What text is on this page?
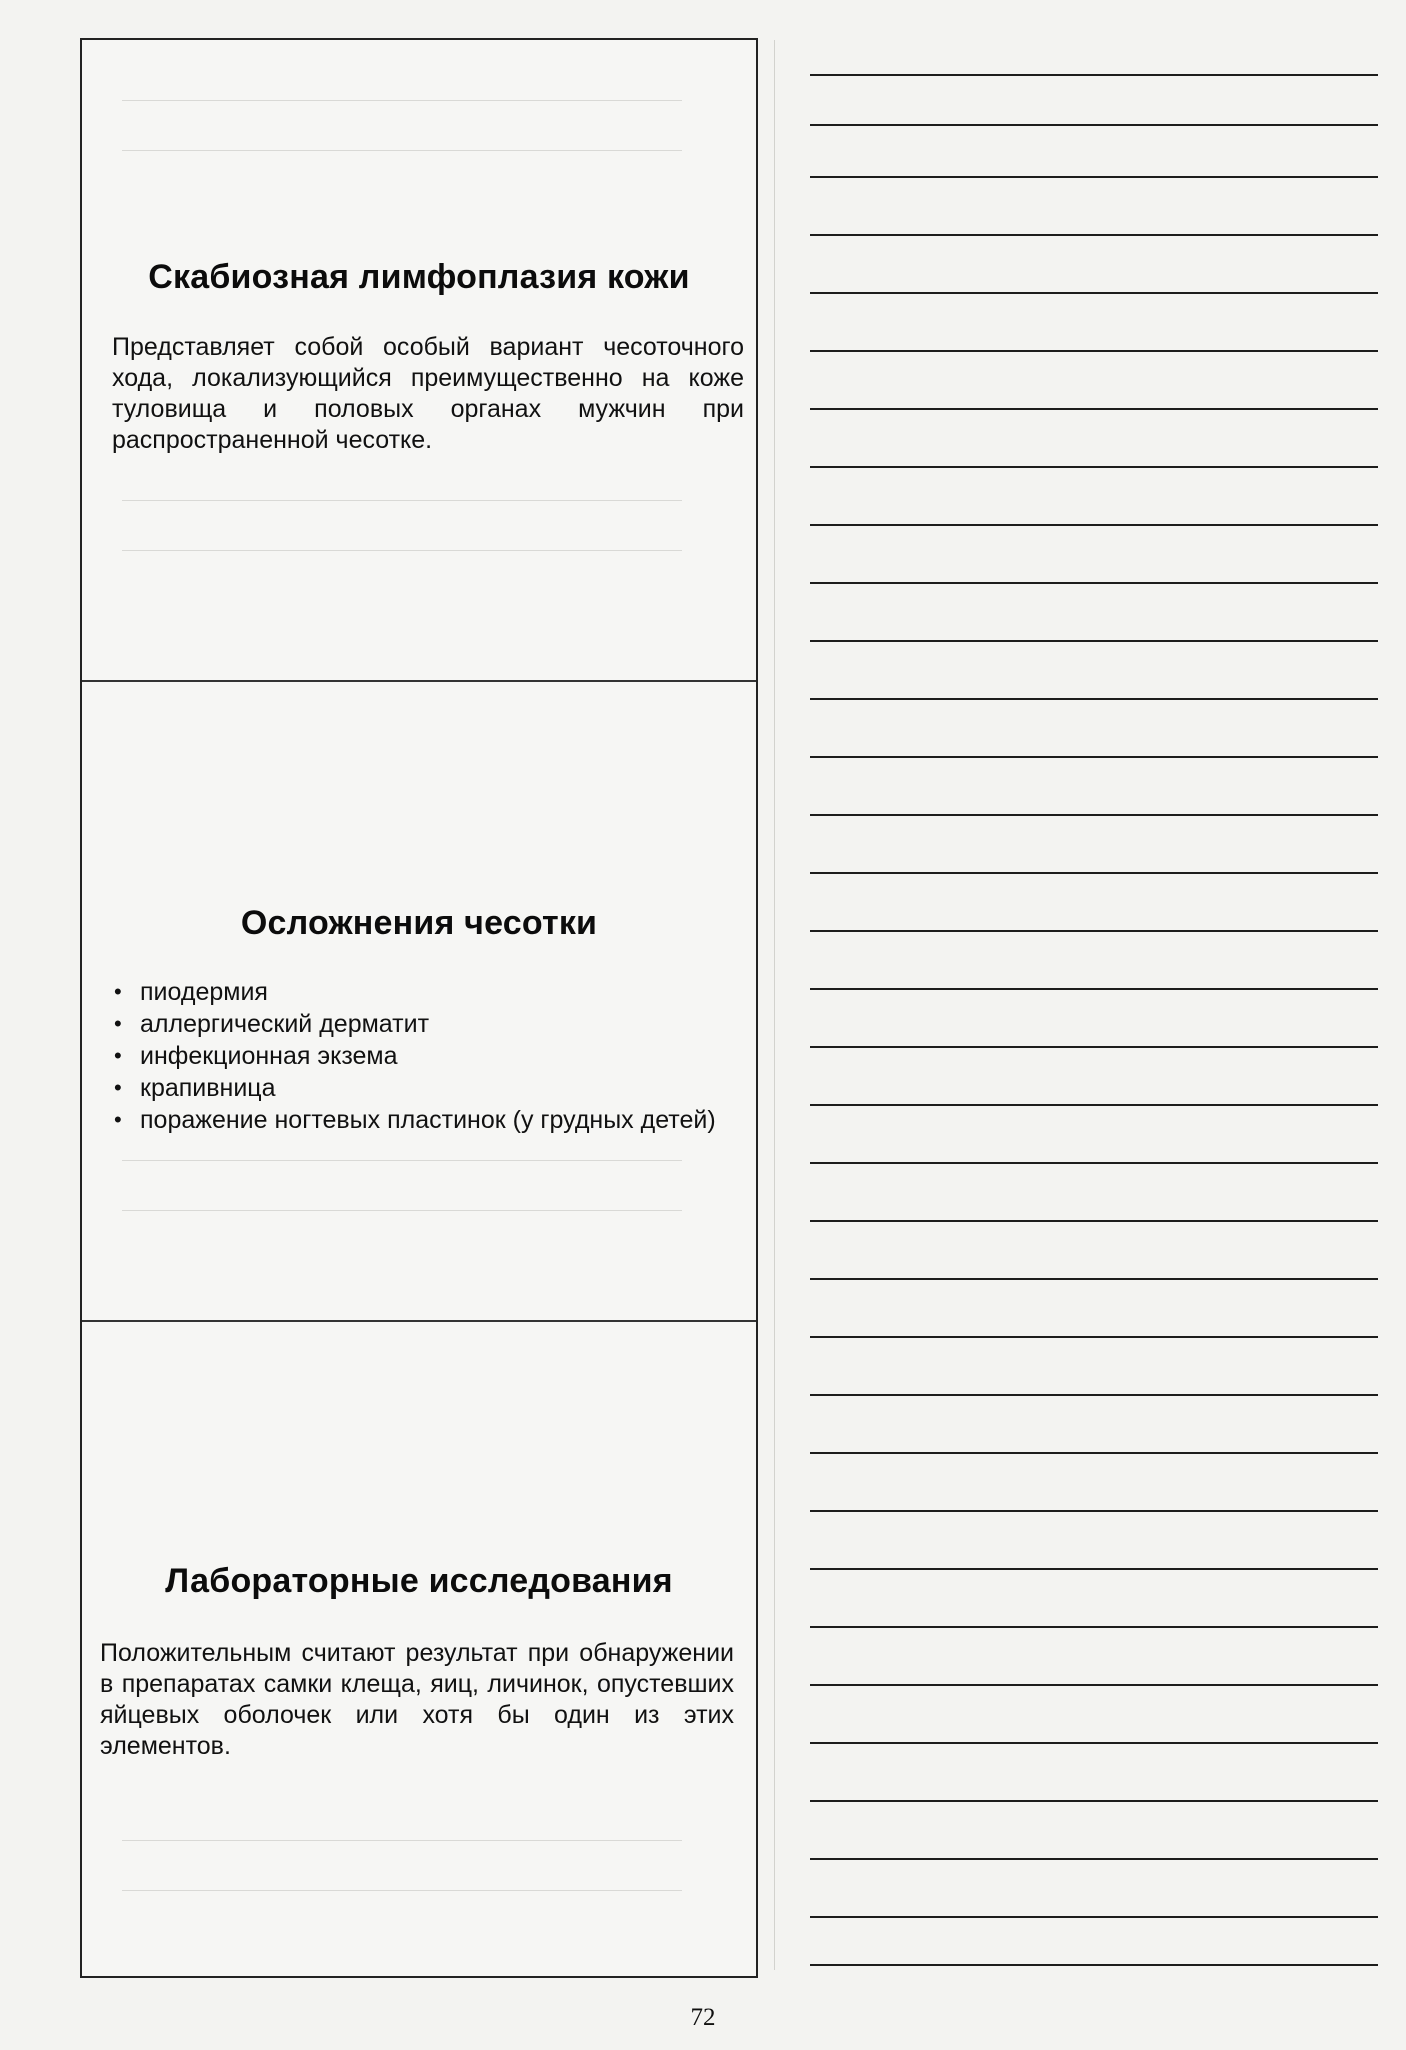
Скабиозная лимфоплазия кожи

Представляет собой особый вариант чесоточного хода, локализующийся преимущественно на коже туловища и половых органах мужчин при распространенной чесотке.

Осложнения чесотки
• пиодермия
• аллергический дерматит
• инфекционная экзема
• крапивница
• поражение ногтевых пластинок (у грудных детей)
Лабораторные исследования

Положительным считают результат при обнаружении в препаратах самки клеща, яиц, личинок, опустевших яйцевых оболочек или хотя бы один из этих элементов.

72
